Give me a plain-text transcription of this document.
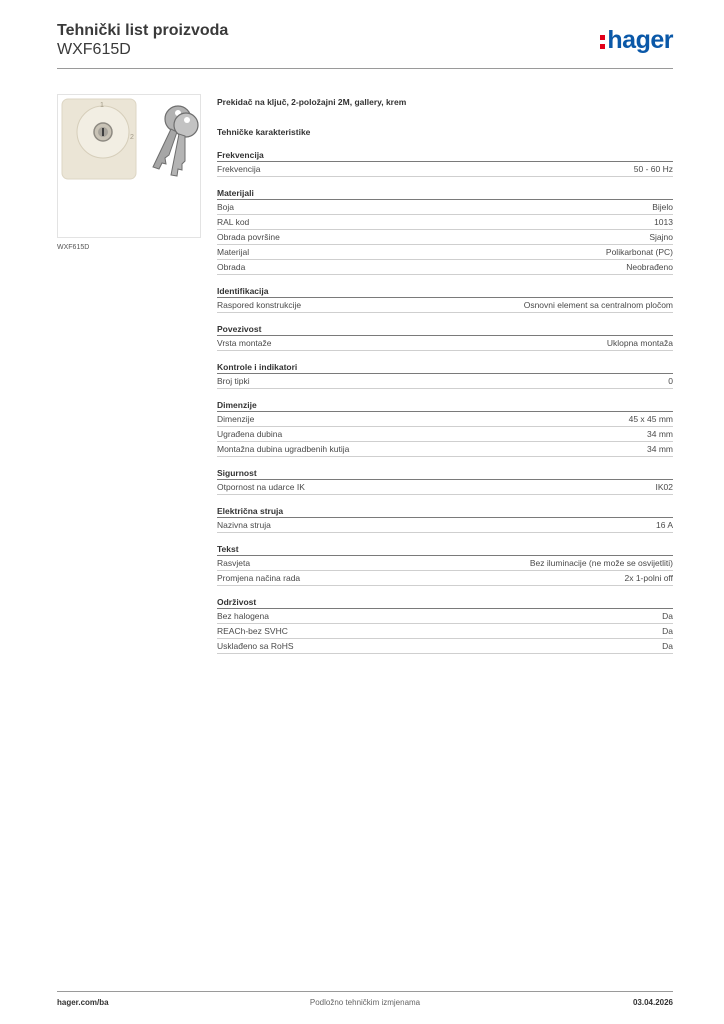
Tehnički list proizvoda
WXF615D	hager
1
2
WXF615D
Prekidač na ključ, 2-položajni 2M, gallery, krem
Tehničke karakteristike
Frekvencija
Frekvencija	50 - 60 Hz
Materijali
Boja	Bijelo
RAL kod	1013
Obrada površine	Sjajno
Materijal	Polikarbonat (PC)
Obrada	Neobrađeno
Identifikacija
Raspored konstrukcije	Osnovni element sa centralnom pločom
Povezivost
Vrsta montaže	Uklopna montaža
Kontrole i indikatori
Broj tipki	0
Dimenzije
Dimenzije	45 x 45 mm
Ugrađena dubina	34 mm
Montažna dubina ugradbenih kutija	34 mm
Sigurnost
Otpornost na udarce IK	IK02
Električna struja
Nazivna struja	16 A
Tekst
Rasvjeta	Bez iluminacije (ne može se osvijetliti)
Promjena načina rada	2x 1-polni off
Održivost
Bez halogena	Da
REACh-bez SVHC	Da
Usklađeno sa RoHS	Da
hager.com/ba	Podložno tehničkim izmjenama	03.04.2026
